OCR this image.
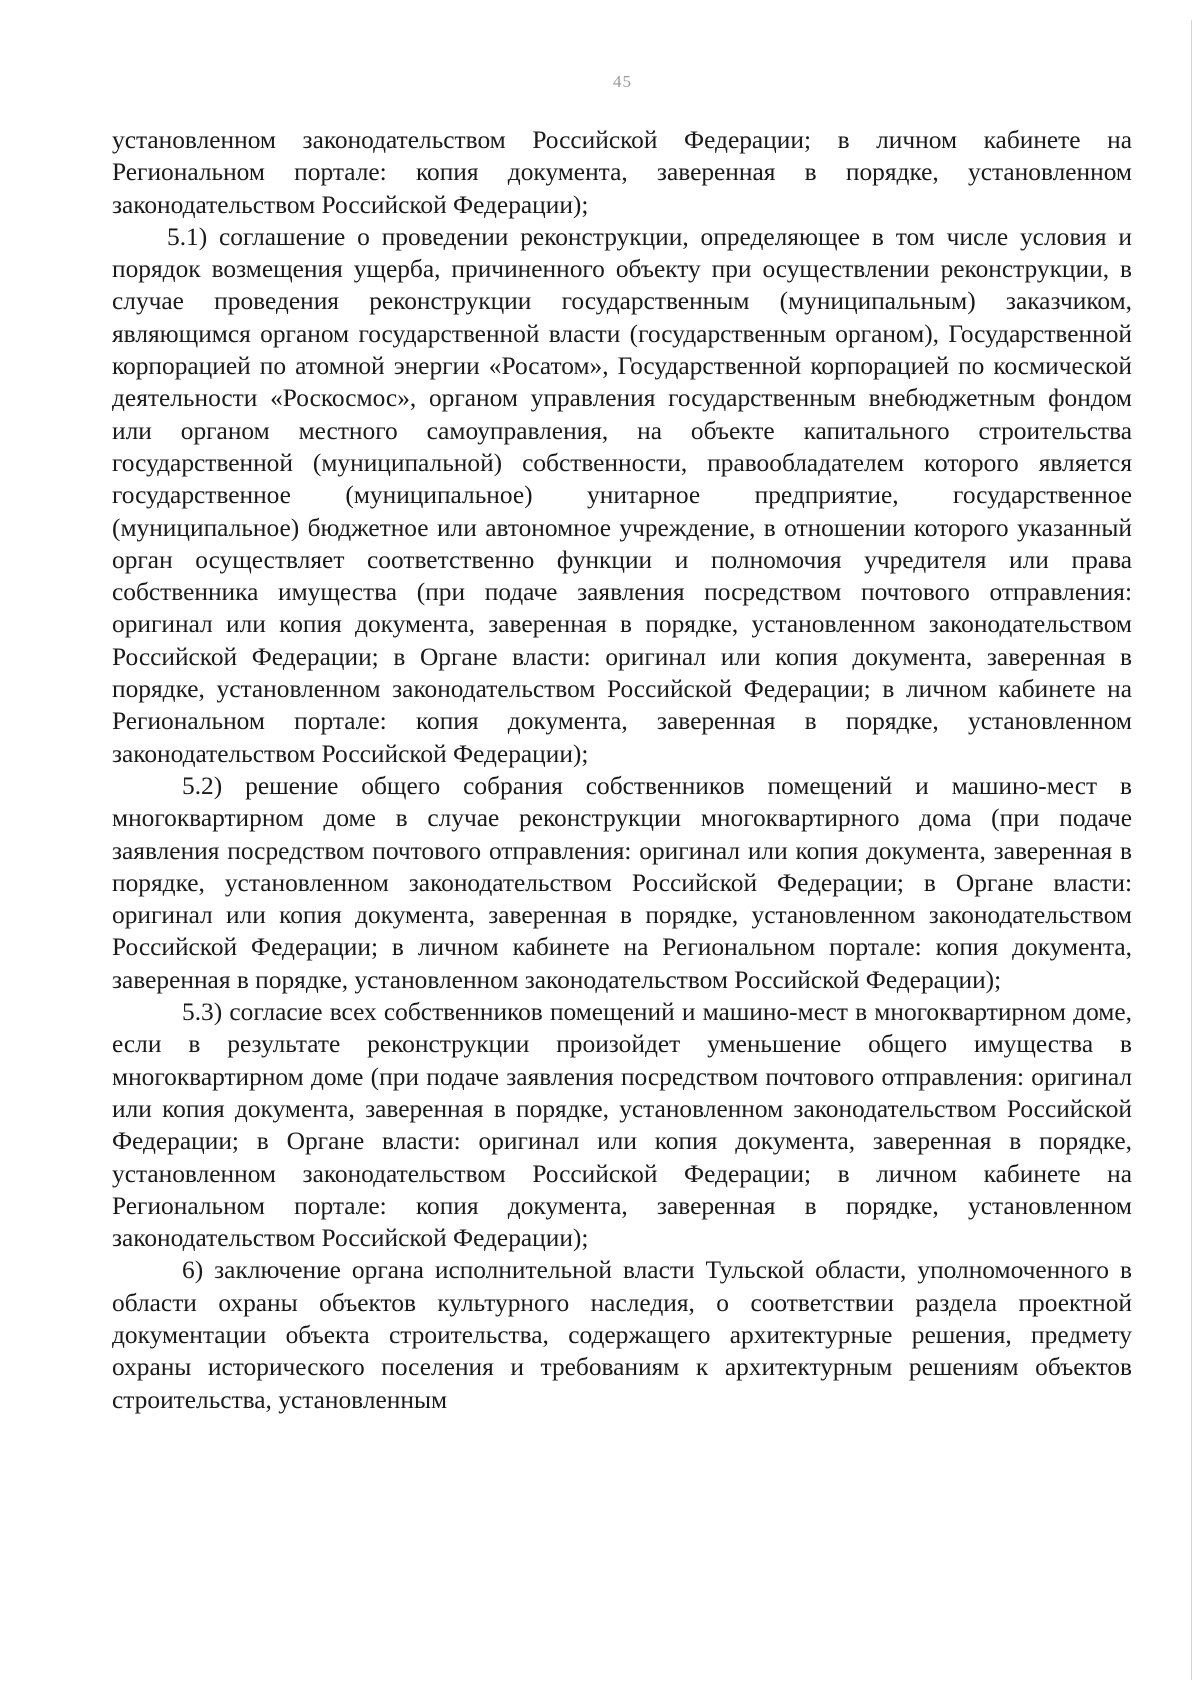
45

установленном законодательством Российской Федерации; в личном кабинете на Региональном портале: копия документа, заверенная в порядке, установленном законодательством Российской Федерации);

5.1) соглашение о проведении реконструкции, определяющее в том числе условия и порядок возмещения ущерба, причиненного объекту при осуществлении реконструкции, в случае проведения реконструкции государственным (муниципальным) заказчиком, являющимся органом государственной власти (государственным органом), Государственной корпорацией по атомной энергии «Росатом», Государственной корпорацией по космической деятельности «Роскосмос», органом управления государственным внебюджетным фондом или органом местного самоуправления, на объекте капитального строительства государственной (муниципальной) собственности, правообладателем которого является государственное (муниципальное) унитарное предприятие, государственное (муниципальное) бюджетное или автономное учреждение, в отношении которого указанный орган осуществляет соответственно функции и полномочия учредителя или права собственника имущества (при подаче заявления посредством почтового отправления: оригинал или копия документа, заверенная в порядке, установленном законодательством Российской Федерации; в Органе власти: оригинал или копия документа, заверенная в порядке, установленном законодательством Российской Федерации; в личном кабинете на Региональном портале: копия документа, заверенная в порядке, установленном законодательством Российской Федерации);

5.2) решение общего собрания собственников помещений и машино-мест в многоквартирном доме в случае реконструкции многоквартирного дома (при подаче заявления посредством почтового отправления: оригинал или копия документа, заверенная в порядке, установленном законодательством Российской Федерации; в Органе власти: оригинал или копия документа, заверенная в порядке, установленном законодательством Российской Федерации; в личном кабинете на Региональном портале: копия документа, заверенная в порядке, установленном законодательством Российской Федерации);

5.3) согласие всех собственников помещений и машино-мест в многоквартирном доме, если в результате реконструкции произойдет уменьшение общего имущества в многоквартирном доме (при подаче заявления посредством почтового отправления: оригинал или копия документа, заверенная в порядке, установленном законодательством Российской Федерации; в Органе власти: оригинал или копия документа, заверенная в порядке, установленном законодательством Российской Федерации; в личном кабинете на Региональном портале: копия документа, заверенная в порядке, установленном законодательством Российской Федерации);

6) заключение органа исполнительной власти Тульской области, уполномоченного в области охраны объектов культурного наследия, о соответствии раздела проектной документации объекта строительства, содержащего архитектурные решения, предмету охраны исторического поселения и требованиям к архитектурным решениям объектов строительства, установленным
